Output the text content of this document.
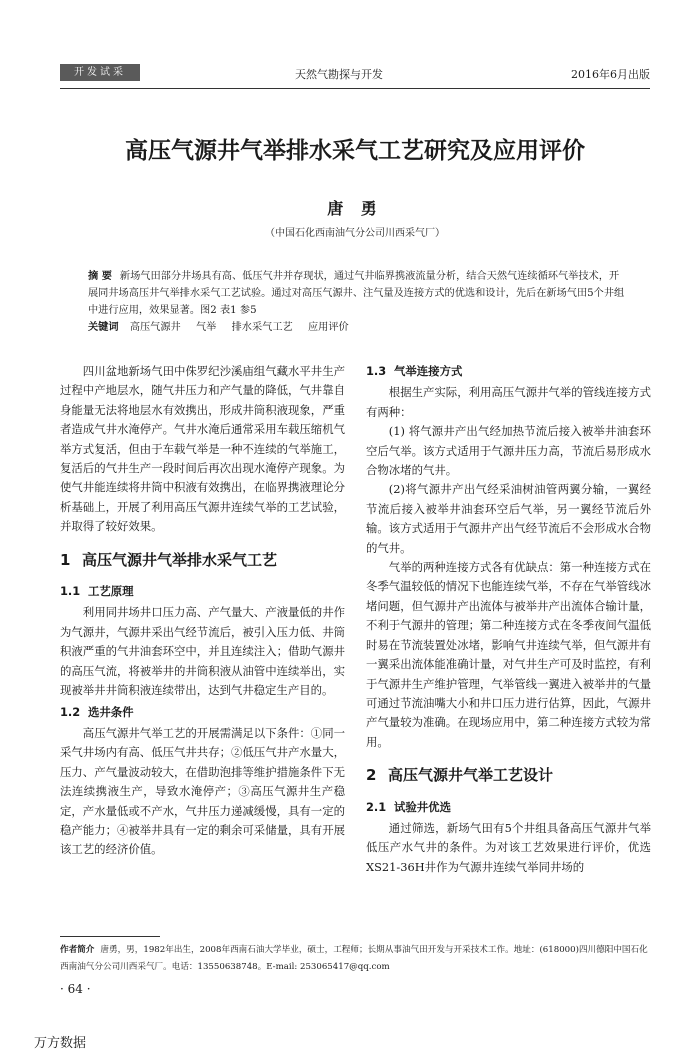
开发试采	天然气勘探与开发	2016年6月出版
高压气源井气举排水采气工艺研究及应用评价
唐 勇
（中国石化西南油气分公司川西采气厂）
摘 要 新场气田部分井场具有高、低压气井并存现状，通过气井临界携液流量分析，结合天然气连续循环气举技术，开展同井场高压井气举排水采气工艺试验。通过对高压气源井、注气量及连接方式的优选和设计，先后在新场气田5个井组中进行应用，效果显著。图2 表1 参5
关键词 高压气源井 气举 排水采气工艺 应用评价

四川盆地新场气田中侏罗纪沙溪庙组气藏水平井生产过程中产地层水，随气井压力和产气量的降低，气井靠自身能量无法将地层水有效携出，形成井筒积液现象，严重者造成气井水淹停产。气井水淹后通常采用车载压缩机气举方式复活，但由于车载气举是一种不连续的气举施工，复活后的气井生产一段时间后再次出现水淹停产现象。为使气井能连续将井筒中积液有效携出，在临界携液理论分析基础上，开展了利用高压气源井连续气举的工艺试验，并取得了较好效果。

1 高压气源井气举排水采气工艺
1.1 工艺原理

利用同井场井口压力高、产气量大、产液量低的井作为气源井，气源井采出气经节流后，被引入压力低、井筒积液严重的气井油套环空中，并且连续注入；借助气源井的高压气流，将被举井的井筒积液从油管中连续举出，实现被举井井筒积液连续带出，达到气井稳定生产目的。

1.2 选井条件

高压气源井气举工艺的开展需满足以下条件：①同一采气井场内有高、低压气井共存；②低压气井产水量大，压力、产气量波动较大，在借助泡排等维护措施条件下无法连续携液生产，导致水淹停产；③高压气源井生产稳定，产水量低或不产水，气井压力递减缓慢，具有一定的稳产能力；④被举井具有一定的剩余可采储量，具有开展该工艺的经济价值。

1.3 气举连接方式

根据生产实际，利用高压气源井气举的管线连接方式有两种：

(1) 将气源井产出气经加热节流后接入被举井油套环空后气举。该方式适用于气源井压力高，节流后易形成水合物冰堵的气井。

(2)将气源井产出气经采油树油管两翼分输，一翼经节流后接入被举井油套环空后气举，另一翼经节流后外输。该方式适用于气源井产出气经节流后不会形成水合物的气井。

气举的两种连接方式各有优缺点：第一种连接方式在冬季气温较低的情况下也能连续气举，不存在气举管线冰堵问题，但气源井产出流体与被举井产出流体合输计量，不利于气源井的管理；第二种连接方式在冬季夜间气温低时易在节流装置处冰堵，影响气井连续气举，但气源井有一翼采出流体能准确计量，对气井生产可及时监控，有利于气源井生产维护管理，气举管线一翼进入被举井的气量可通过节流油嘴大小和井口压力进行估算，因此，气源井产气量较为准确。在现场应用中，第二种连接方式较为常用。

2 高压气源井气举工艺设计
2.1 试验井优选

通过筛选，新场气田有5个井组具备高压气源井气举低压产水气井的条件。为对该工艺效果进行评价，优选XS21-36H井作为气源井连续气举同井场的

作者简介 唐勇，男，1982年出生，2008年西南石油大学毕业，硕士，工程师；长期从事油气田开发与开采技术工作。地址：(618000)四川德阳中国石化西南油气分公司川西采气厂。电话：13550638748。E-mail: 253065417@qq.com
· 64 ·
万方数据
